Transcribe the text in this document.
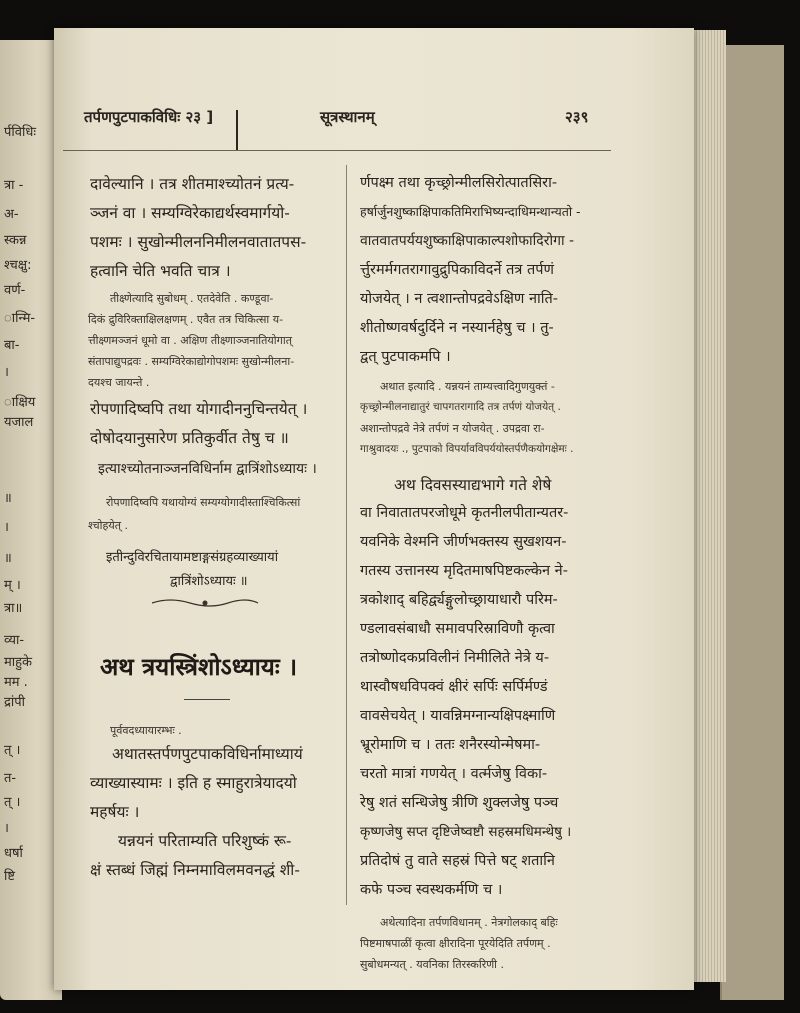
र्पविधिः
त्रा -
अ-
स्कन्न
श्चक्षु:
वर्ण-
ान्मि-
बा-
।
ाक्षिय
यजाल
॥
।
॥
म् ।
त्रा॥
व्या-
माहुके
मम .
द्रांपी
त् ।
त-
त् ।
।
धर्षा
ष्टि
तर्पणपुटपाकविधिः २३ ]	सूत्रस्थानम्	२३९
दावेल्यानि । तत्र शीतमाश्च्योतनं प्रत्य-
ञ्जनं वा । सम्यग्विरेकाद्यर्थस्वमार्गयो-
पशमः । सुखोन्मीलननिमीलनवातातपस-
हत्वानि चेति भवति चात्र ।
तीक्ष्णेत्यादि सुबोधम् . एतदेवेति . कण्डूवा-
दिकं द्रुविरिक्ताक्षिलक्षणम् . एवैत तत्र चिकित्सा य-
त्तीक्ष्णमञ्जनं धूमो वा . अक्षिण तीक्ष्णाञ्जनातियोगात्
संतापाद्युपद्रवः . सम्यग्विरेकाद्योगोपशमः सुखोन्मीलना-
दयश्च जायन्ते .
रोपणादिष्वपि तथा योगादीननुचिन्तयेत् ।
दोषोदयानुसारेण प्रतिकुर्वीत तेषु च ॥
इत्याश्च्योतनाञ्जनविधिर्नाम द्वात्रिंशोऽध्यायः ।
रोपणादिष्वपि यथायोग्यं सम्यग्योगादीस्ताश्चिकित्सां
श्चोहयेत् .
इतीन्दुविरचितायामष्टाङ्गसंग्रहव्याख्यायां
द्वात्रिंशोऽध्यायः ॥
अथ त्रयस्त्रिंशोऽध्यायः ।
पूर्ववदध्यायारम्भः .
अथातस्तर्पणपुटपाकविधिर्नामाध्यायं
व्याख्यास्यामः । इति ह स्माहुरात्रेयादयो
महर्षयः ।
यन्नयनं परिताम्यति परिशुष्कं रू-
क्षं स्तब्धं जिह्मं निम्नमाविलमवनद्धं शी-
र्णपक्ष्म तथा कृच्छ्रोन्मीलसिरोत्पातसिरा-
हर्षार्जुनशुष्काक्षिपाकतिमिराभिष्यन्दाधिमन्थान्यतो -
वातवातपर्ययशुष्काक्षिपाकाल्पशोफादिरोगा -
र्त्तुरमर्मगतरागावुद्रुपिकाविदर्ने तत्र तर्पणं
योजयेत् । न त्वशान्तोपद्रवेऽक्षिण नाति-
शीतोष्णवर्षदुर्दिने न नस्यार्नहेषु च । तु-
द्वत् पुटपाकमपि ।
अथात इत्यादि . यन्नयनं ताम्यत्त्वादिगुणयुक्तं -
कृच्छ्रोन्मीलनाद्यातुरं चापगतरागादि तत्र तर्पणं योजयेत् .
अशान्तोपद्रवे नेत्रे तर्पणं न योजयेत् . उपद्रवा रा-
गाश्रुवादयः ., पुटपाको विपर्यावविपर्ययोस्तर्पणैकयोगक्षेमः .
अथ दिवसस्याद्यभागे गते शेषे
वा निवातातपरजोधूमे कृतनीलपीतान्यतर-
यवनिके वेश्मनि जीर्णभक्तस्य सुखशयन-
गतस्य उत्तानस्य मृदितमाषपिष्टकल्केन ने-
त्रकोशाद् बहिर्द्व्यङ्गुलोच्छ्रायाधारौ परिम-
ण्डलावसंबाधौ समावपरिस्राविणौ कृत्वा
तत्रोष्णोदकप्रविलीनं निमीलिते नेत्रे य-
थास्वौषधविपक्वं क्षीरं सर्पिः सर्पिर्मण्डं
वावसेचयेत् । यावन्निमग्नान्यक्षिपक्ष्माणि
भ्रूरोमाणि च । ततः शनैरस्योन्मेषमा-
चरतो मात्रां गणयेत् । वर्त्मजेषु विका-
रेषु शतं सन्धिजेषु त्रीणि शुक्लजेषु पञ्च
कृष्णजेषु सप्त दृष्टिजेष्वष्टौ सहस्रमधिमन्थेषु ।
प्रतिदोषं तु वाते सहस्रं पित्ते षट् शतानि
कफे पञ्च स्वस्थकर्मणि च ।
अथेत्यादिना तर्पणविधानम् . नेत्रगोलकाद् बहिः
पिष्टमाषपाळीं कृत्वा क्षीरादिना पूरयेदिति तर्पणम् .
सुबोधमन्यत् . यवनिका तिरस्करिणी .
